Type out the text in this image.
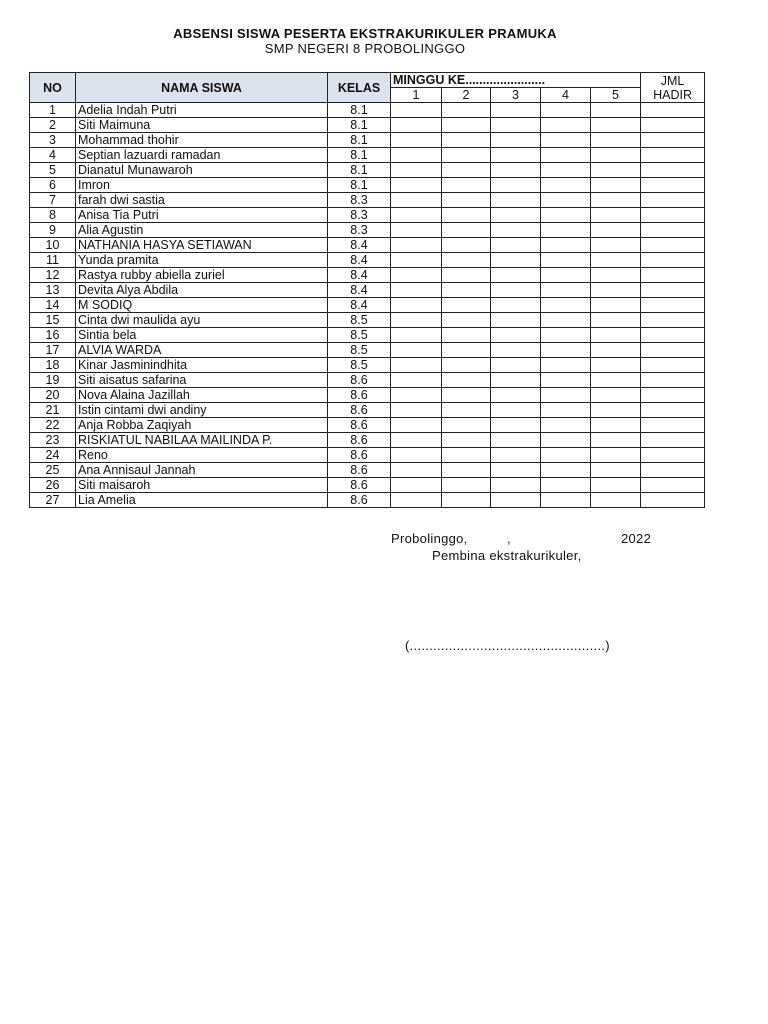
ABSENSI SISWA PESERTA EKSTRAKURIKULER PRAMUKA
SMP NEGERI 8 PROBOLINGGO
NO	NAMA SISWA	KELAS	MINGGU KE.......................					JML
HADIR

			1	2	3	4	5	
1	Adelia Indah Putri	8.1						
2	Siti Maimuna	8.1						
3	Mohammad thohir	8.1						
4	Septian lazuardi ramadan	8.1						
5	Dianatul Munawaroh	8.1						
6	Imron	8.1						
7	farah dwi sastia	8.3						
8	Anisa Tia Putri	8.3						
9	Alia Agustin	8.3						
10	NATHANIA HASYA SETIAWAN	8.4						
11	Yunda pramita	8.4						
12	Rastya rubby abiella zuriel	8.4						
13	Devita Alya Abdila	8.4						
14	M SODIQ	8.4						
15	Cinta dwi maulida ayu	8.5						
16	Sintia bela	8.5						
17	ALVIA WARDA	8.5						
18	Kinar Jasminindhita	8.5						
19	Siti aisatus safarina	8.6						
20	Nova Alaina Jazillah	8.6						
21	Istin cintami dwi andiny	8.6						
22	Anja Robba Zaqiyah	8.6						
23	RISKIATUL NABILAA MAILINDA P.	8.6						
24	Reno	8.6						
25	Ana Annisaul Jannah	8.6						
26	Siti maisaroh	8.6						
27	Lia Amelia	8.6						
Probolinggo,	,	2022
Pembina ekstrakurikuler,
(..................................................)
